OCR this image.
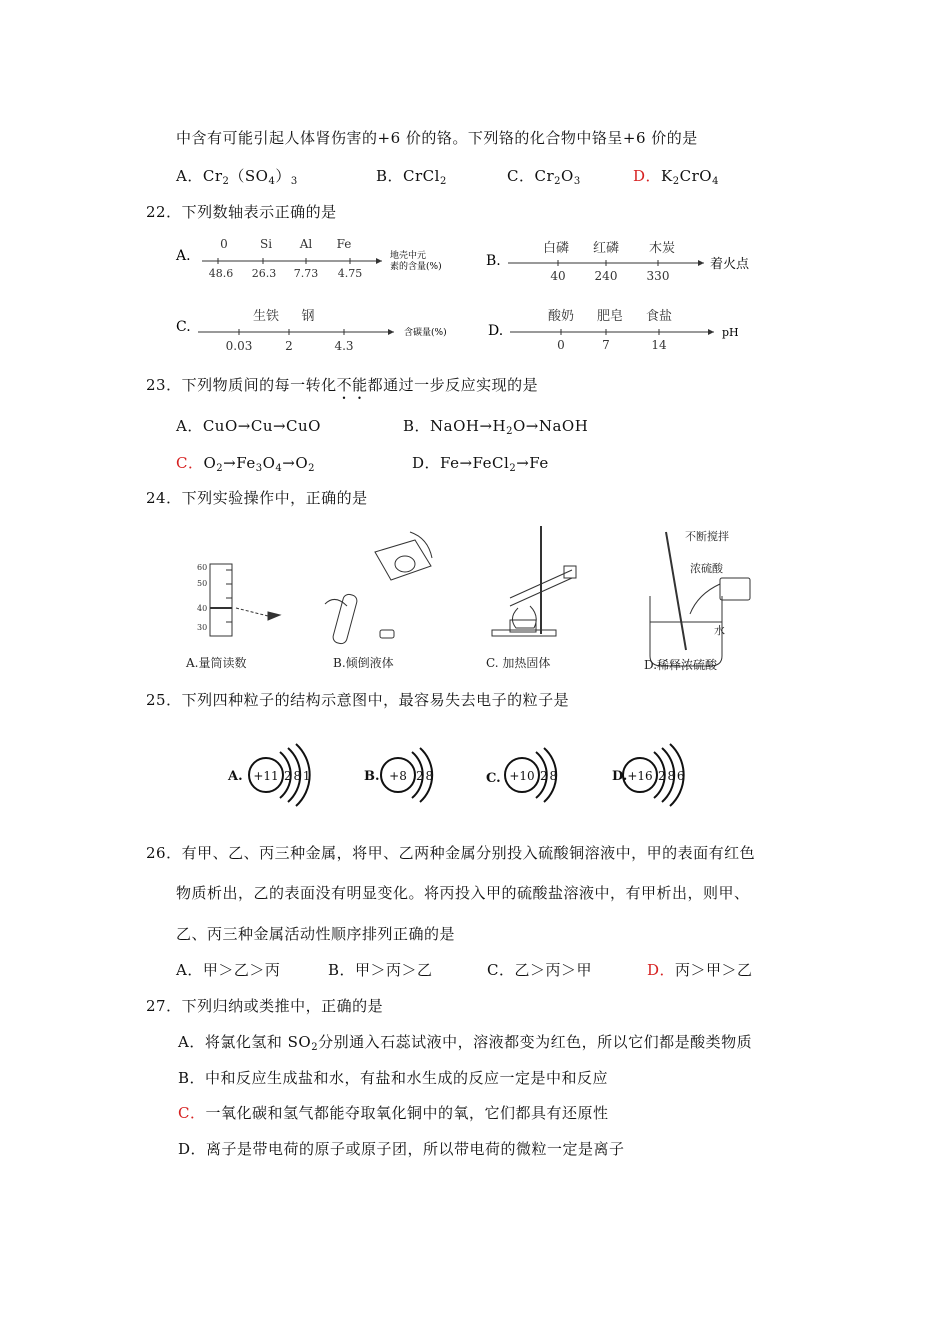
中含有可能引起人体肾伤害的+6 价的铬。下列铬的化合物中铬呈+6 价的是
A．$Cr_2(SO_4)_3$	B．CrCl$_2$	C．$Cr_2O_3$	D．$K_2CrO_4$
22．下列数轴表示正确的是
A.
0	Si Al Fe
48.6 26.3 7.73 4.75
地壳中元
素的含量(%)	B.
白磷 红磷 木炭
40 240 330
着火点
C.
生铁 钢
0.03	2	4.3
含碳量(%)	D.
酸奶 肥皂 食盐
0	7	14
pH
23．下列物质间的每一转化不能都通过一步反应实现的是
A．CuO→Cu→CuO	B．$NaOH\to H_2O\to NaOH$
C．$O_2\to Fe_3O_4\to O_2$	D．Fe→FeCl$_2$→Fe
24．下列实验操作中，正确的是
60
50
40
30
不断搅拌
浓硫酸
水
A.量筒读数	B.倾倒液体	C. 加热固体	D.稀释浓硫酸
25．下列四种粒子的结构示意图中，最容易失去电子的粒子是
A.	B.	C.	D.
+11	+8	+10	+16
2 8 1	2 8	2 8	2 8 6
26．有甲、乙、丙三种金属，将甲、乙两种金属分别投入硫酸铜溶液中，甲的表面有红色
物质析出，乙的表面没有明显变化。将丙投入甲的硫酸盐溶液中，有甲析出，则甲、
乙、丙三种金属活动性顺序排列正确的是
A．甲＞乙＞丙	B．甲＞丙＞乙	C．乙＞丙＞甲	D．丙＞甲＞乙
27．下列归纳或类推中，正确的是
A．将氯化氢和 $SO_2$分别通入石蕊试液中，溶液都变为红色，所以它们都是酸类物质
B．中和反应生成盐和水，有盐和水生成的反应一定是中和反应
C．一氧化碳和氢气都能夺取氧化铜中的氧，它们都具有还原性
D．离子是带电荷的原子或原子团，所以带电荷的微粒一定是离子
